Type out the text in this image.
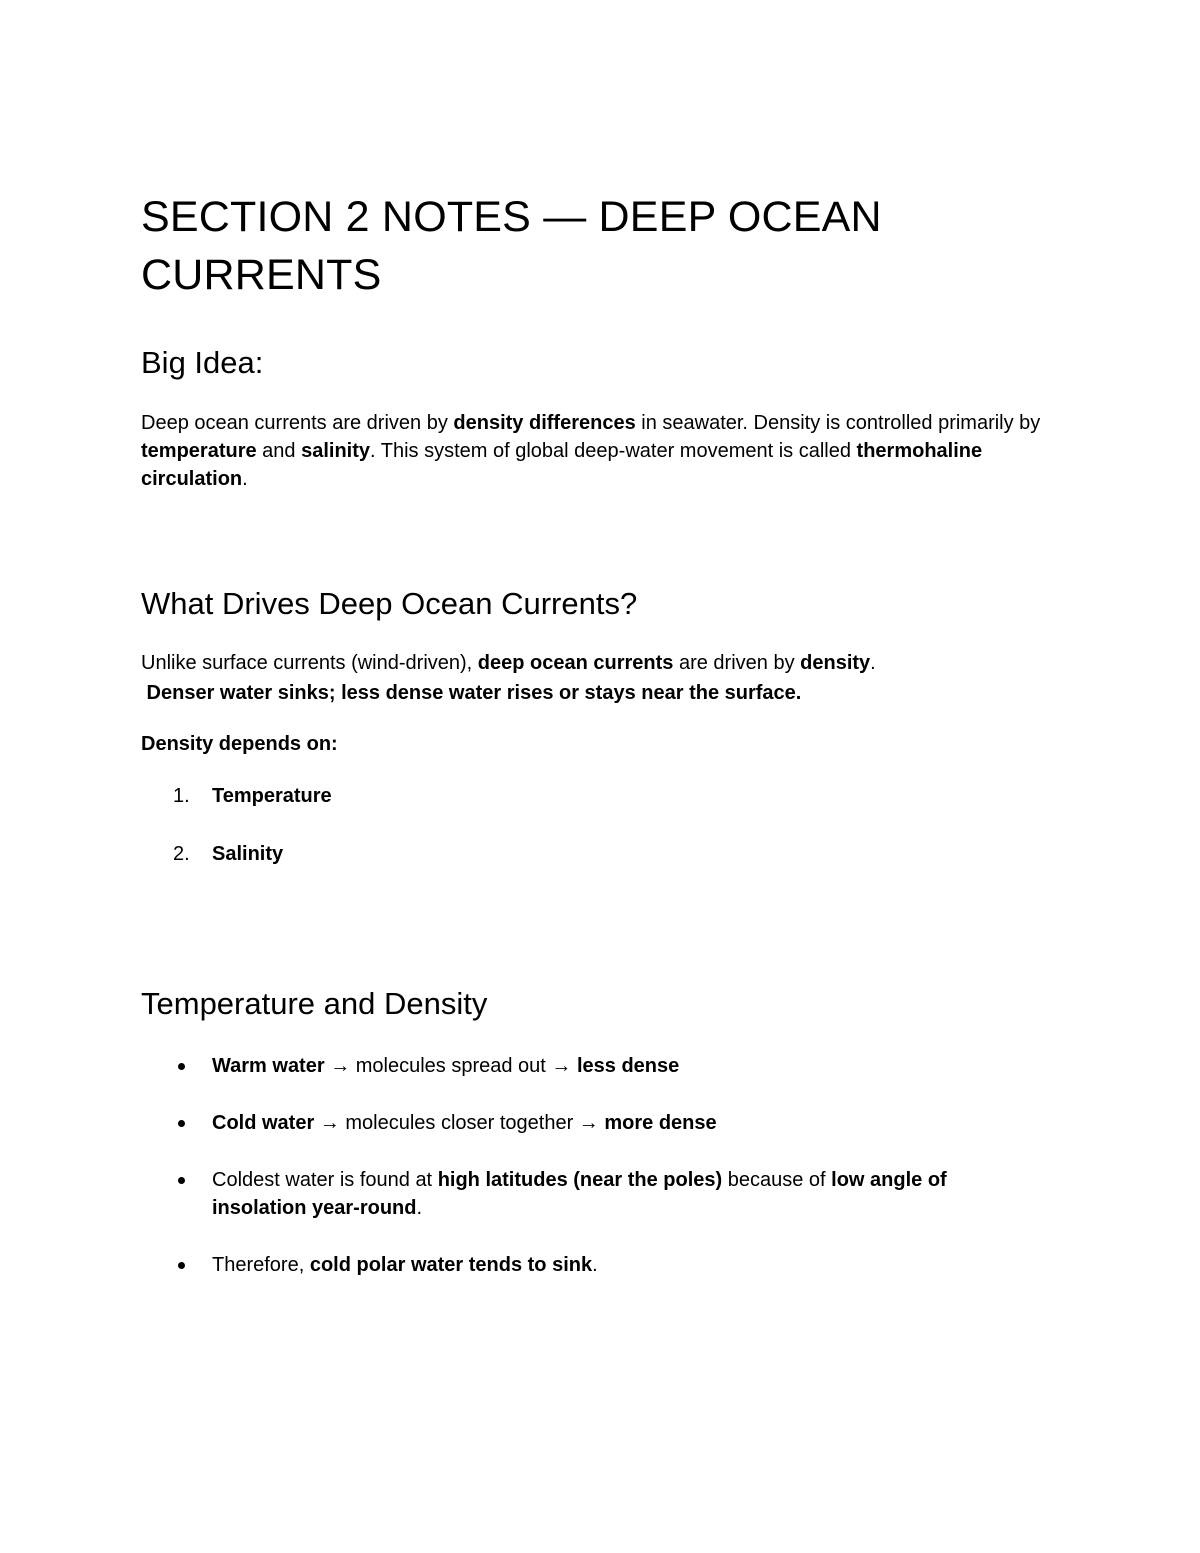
SECTION 2 NOTES — DEEP OCEAN CURRENTS
Big Idea:

Deep ocean currents are driven by density differences in seawater. Density is controlled primarily by temperature and salinity. This system of global deep-water movement is called thermohaline circulation.

What Drives Deep Ocean Currents?

Unlike surface currents (wind-driven), deep ocean currents are driven by density.

Denser water sinks; less dense water rises or stays near the surface.

Density depends on:

1.	Temperature
2.	Salinity
Temperature and Density
Warm water → molecules spread out → less dense
Cold water → molecules closer together → more dense
Coldest water is found at high latitudes (near the poles) because of low angle of insolation year-round.
Therefore, cold polar water tends to sink.
